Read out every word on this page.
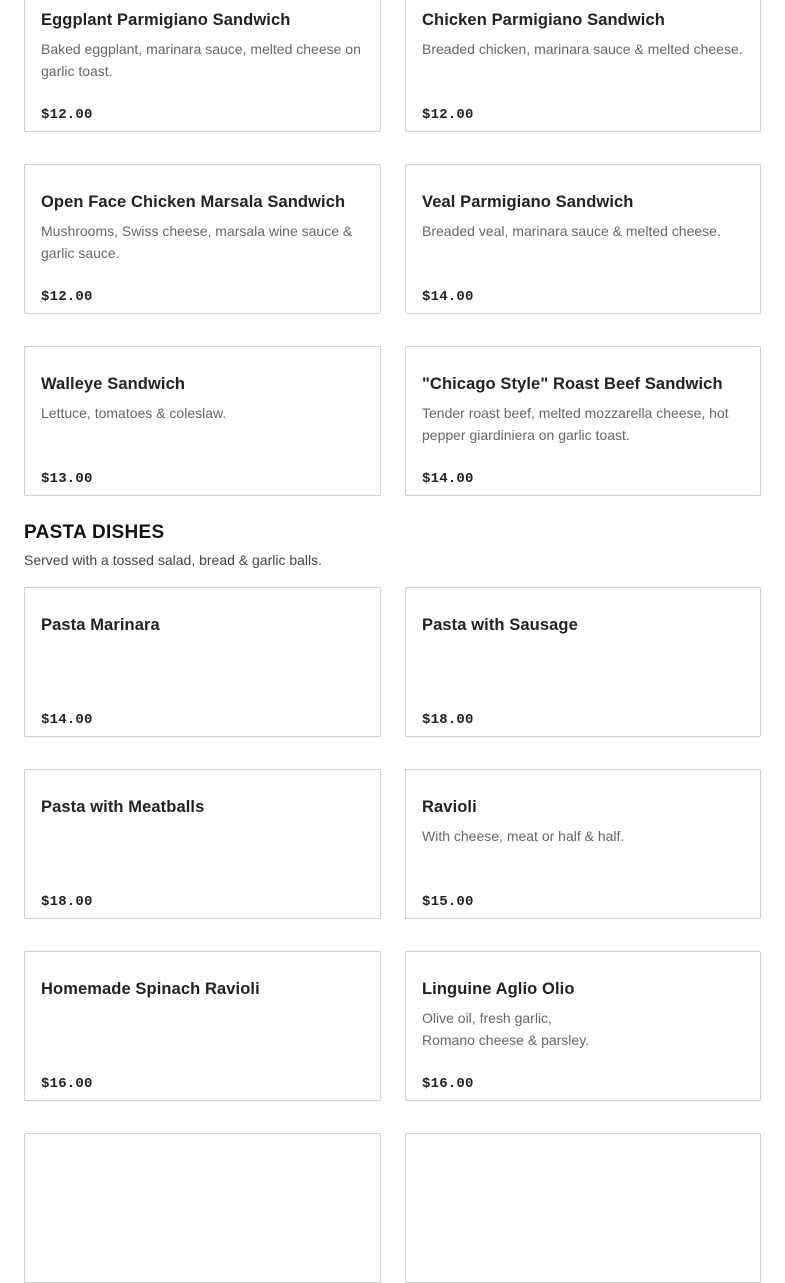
Eggplant Parmigiano Sandwich
Baked eggplant, marinara sauce, melted cheese on garlic toast.
$12.00
Chicken Parmigiano Sandwich
Breaded chicken, marinara sauce & melted cheese.
$12.00
Open Face Chicken Marsala Sandwich
Mushrooms, Swiss cheese, marsala wine sauce & garlic sauce.
$12.00
Veal Parmigiano Sandwich
Breaded veal, marinara sauce & melted cheese.
$14.00
Walleye Sandwich
Lettuce, tomatoes & coleslaw.
$13.00
"Chicago Style" Roast Beef Sandwich
Tender roast beef, melted mozzarella cheese, hot pepper giardiniera on garlic toast.
$14.00
PASTA DISHES

Served with a tossed salad, bread & garlic balls.

Pasta Marinara
$14.00
Pasta with Sausage
$18.00
Pasta with Meatballs
$18.00
Ravioli
With cheese, meat or half & half.
$15.00
Homemade Spinach Ravioli
$16.00
Linguine Aglio Olio
Olive oil, fresh garlic,
Romano cheese & parsley.
$16.00
